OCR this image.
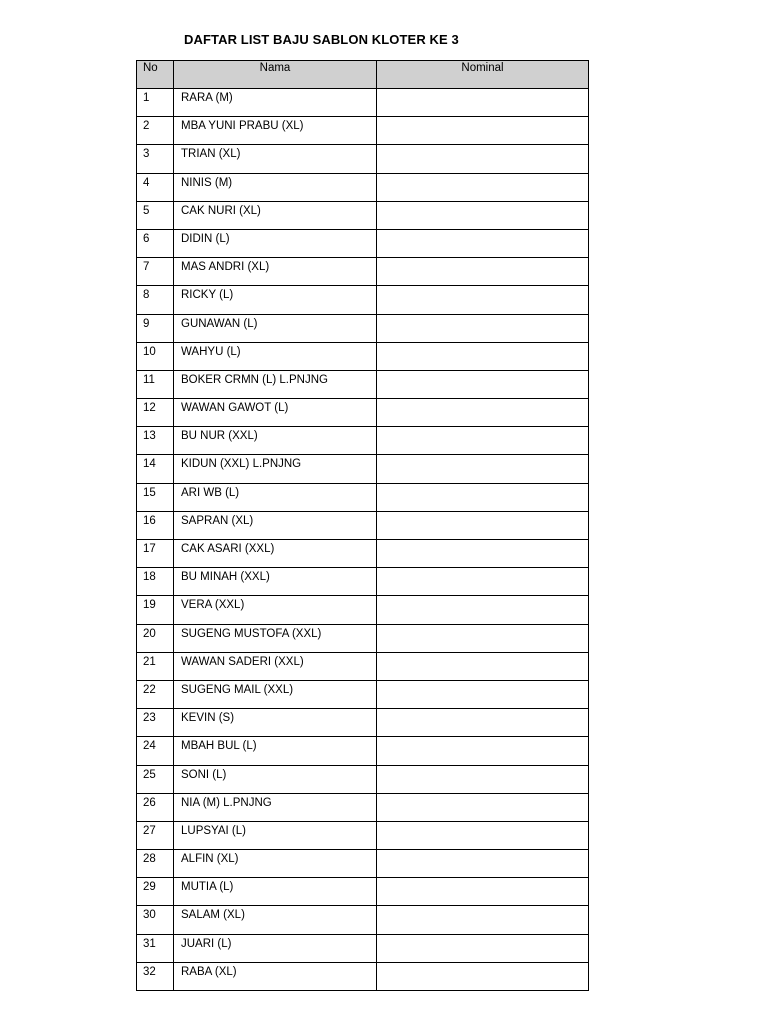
DAFTAR LIST BAJU SABLON KLOTER KE 3
No	Nama	Nominal
1	RARA (M)	
2	MBA YUNI PRABU (XL)	
3	TRIAN (XL)	
4	NINIS (M)	
5	CAK NURI (XL)	
6	DIDIN (L)	
7	MAS ANDRI (XL)	
8	RICKY (L)	
9	GUNAWAN (L)	
10	WAHYU (L)	
11	BOKER CRMN (L) L.PNJNG	
12	WAWAN GAWOT (L)	
13	BU NUR (XXL)	
14	KIDUN (XXL) L.PNJNG	
15	ARI WB (L)	
16	SAPRAN (XL)	
17	CAK ASARI (XXL)	
18	BU MINAH (XXL)	
19	VERA (XXL)	
20	SUGENG MUSTOFA (XXL)	
21	WAWAN SADERI (XXL)	
22	SUGENG MAIL (XXL)	
23	KEVIN (S)	
24	MBAH BUL (L)	
25	SONI (L)	
26	NIA (M) L.PNJNG	
27	LUPSYAI (L)	
28	ALFIN (XL)	
29	MUTIA (L)	
30	SALAM (XL)	
31	JUARI (L)	
32	RABA (XL)	
